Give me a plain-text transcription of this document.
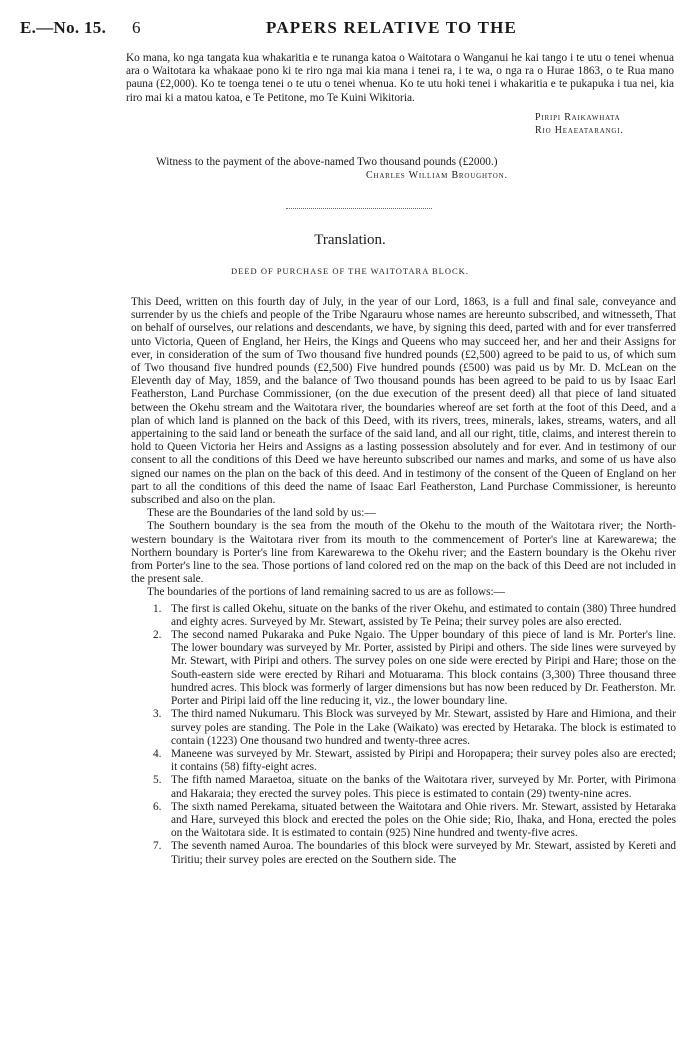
E.—No. 15. 6	PAPERS RELATIVE TO THE

Ko mana, ko nga tangata kua whakaritia e te runanga katoa o Waitotara o Wanganui he kai tango i te utu o tenei whenua ara o Waitotara ka whakaae pono ki te riro nga mai kia mana i tenei ra, i te wa, o nga ra o Hurae 1863, o te Rua mano pauna (£2,000). Ko te toenga tenei o te utu o tenei whenua. Ko te utu hoki tenei i whakaritia e te pukapuka i tua nei, kia riro mai ki a matou katoa, e Te Petitone, mo Te Kuini Wikitoria.

Piripi Raikawhata
Rio Heaeatarangi.

Witness to the payment of the above-named Two thousand pounds (£2000.)

Charles William Broughton.
Translation.
DEED OF PURCHASE OF THE WAITOTARA BLOCK.

This Deed, written on this fourth day of July, in the year of our Lord, 1863, is a full and final sale, conveyance and surrender by us the chiefs and people of the Tribe Ngarauru whose names are hereunto subscribed, and witnesseth, That on behalf of ourselves, our relations and descendants, we have, by signing this deed, parted with and for ever transferred unto Victoria, Queen of England, her Heirs, the Kings and Queens who may succeed her, and her and their Assigns for ever, in consideration of the sum of Two thousand five hundred pounds (£2,500) agreed to be paid to us, of which sum of Two thousand five hundred pounds (£2,500) Five hundred pounds (£500) was paid us by Mr. D. McLean on the Eleventh day of May, 1859, and the balance of Two thousand pounds has been agreed to be paid to us by Isaac Earl Featherston, Land Purchase Commissioner, (on the due execution of the present deed) all that piece of land situated between the Okehu stream and the Waitotara river, the boundaries whereof are set forth at the foot of this Deed, and a plan of which land is planned on the back of this Deed, with its rivers, trees, minerals, lakes, streams, waters, and all appertaining to the said land or beneath the surface of the said land, and all our right, title, claims, and interest therein to hold to Queen Victoria her Heirs and Assigns as a lasting possession absolutely and for ever. And in testimony of our consent to all the conditions of this Deed we have hereunto subscribed our names and marks, and some of us have also signed our names on the plan on the back of this deed. And in testimony of the consent of the Queen of England on her part to all the conditions of this deed the name of Isaac Earl Featherston, Land Purchase Commissioner, is hereunto subscribed and also on the plan.

These are the Boundaries of the land sold by us:—

The Southern boundary is the sea from the mouth of the Okehu to the mouth of the Waitotara river; the North-western boundary is the Waitotara river from its mouth to the commencement of Porter's line at Karewarewa; the Northern boundary is Porter's line from Karewarewa to the Okehu river; and the Eastern boundary is the Okehu river from Porter's line to the sea. Those portions of land colored red on the map on the back of this Deed are not included in the present sale.

The boundaries of the portions of land remaining sacred to us are as follows:—

1. The first is called Okehu, situate on the banks of the river Okehu, and estimated to contain (380) Three hundred and eighty acres. Surveyed by Mr. Stewart, assisted by Te Peina; their survey poles are also erected.
2. The second named Pukaraka and Puke Ngaio. The Upper boundary of this piece of land is Mr. Porter's line. The lower boundary was surveyed by Mr. Porter, assisted by Piripi and others. The side lines were surveyed by Mr. Stewart, with Piripi and others. The survey poles on one side were erected by Piripi and Hare; those on the South-eastern side were erected by Rihari and Motuarama. This block contains (3,300) Three thousand three hundred acres. This block was formerly of larger dimensions but has now been reduced by Dr. Featherston. Mr. Porter and Piripi laid off the line reducing it, viz., the lower boundary line.
3. The third named Nukumaru. This Block was surveyed by Mr. Stewart, assisted by Hare and Himiona, and their survey poles are standing. The Pole in the Lake (Waikato) was erected by Hetaraka. The block is estimated to contain (1223) One thousand two hundred and twenty-three acres.
4. Maneene was surveyed by Mr. Stewart, assisted by Piripi and Horopapera; their survey poles also are erected; it contains (58) fifty-eight acres.
5. The fifth named Maraetoa, situate on the banks of the Waitotara river, surveyed by Mr. Porter, with Pirimona and Hakaraia; they erected the survey poles. This piece is estimated to contain (29) twenty-nine acres.
6. The sixth named Perekama, situated between the Waitotara and Ohie rivers. Mr. Stewart, assisted by Hetaraka and Hare, surveyed this block and erected the poles on the Ohie side; Rio, Ihaka, and Hona, erected the poles on the Waitotara side. It is estimated to contain (925) Nine hundred and twenty-five acres.
7. The seventh named Auroa. The boundaries of this block were surveyed by Mr. Stewart, assisted by Kereti and Tiritiu; their survey poles are erected on the Southern side. The
